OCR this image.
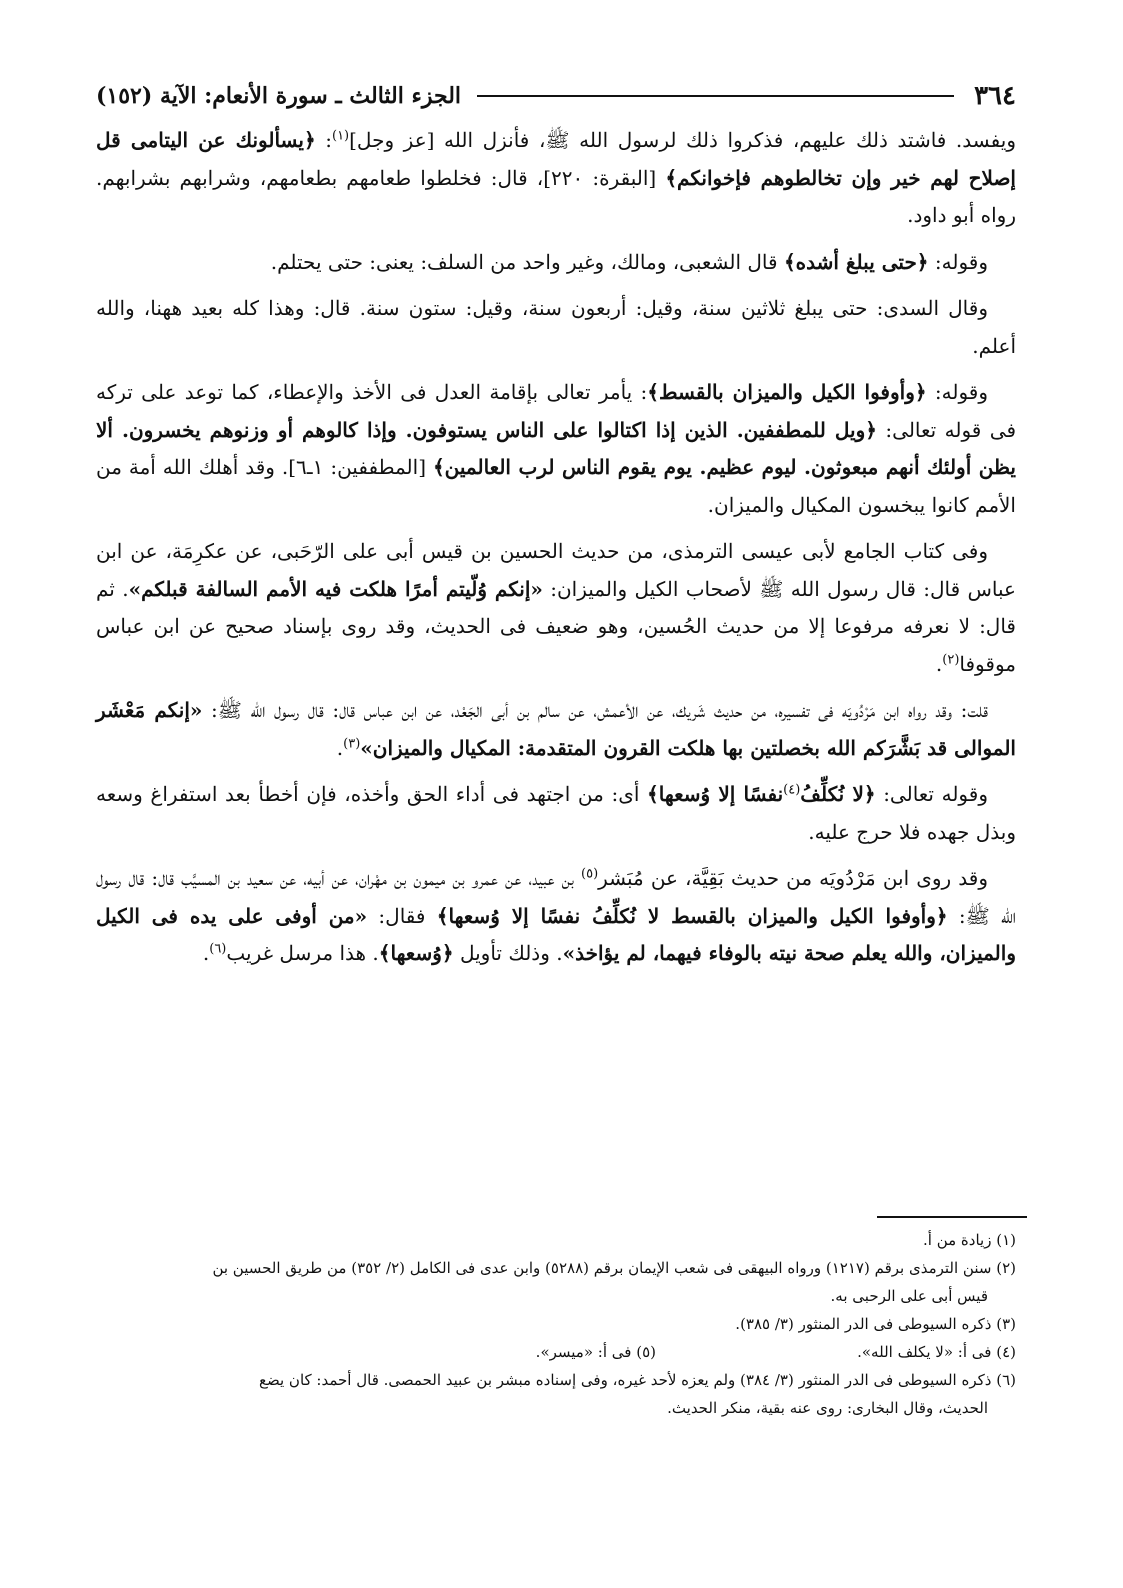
٣٦٤
الجزء الثالث ـ سورة الأنعام: الآية (١٥٢)

ويفسد. فاشتد ذلك عليهم، فذكروا ذلك لرسول الله ﷺ، فأنزل الله [عز وجل]$^{(١)}$: ﴿يسألونك عن اليتامى قل إصلاح لهم خير وإن تخالطوهم فإخوانكم﴾ [البقرة: ٢٢٠]، قال: فخلطوا طعامهم بطعامهم، وشرابهم بشرابهم. رواه أبو داود.

وقوله: ﴿حتى يبلغ أشده﴾ قال الشعبى، ومالك، وغير واحد من السلف: يعنى: حتى يحتلم.

وقال السدى: حتى يبلغ ثلاثين سنة، وقيل: أربعون سنة، وقيل: ستون سنة. قال: وهذا كله بعيد ههنا، والله أعلم.

وقوله: ﴿وأوفوا الكيل والميزان بالقسط﴾: يأمر تعالى بإقامة العدل فى الأخذ والإعطاء، كما توعد على تركه فى قوله تعالى: ﴿ويل للمطففين. الذين إذا اكتالوا على الناس يستوفون. وإذا كالوهم أو وزنوهم يخسرون. ألا يظن أولئك أنهم مبعوثون. ليوم عظيم. يوم يقوم الناس لرب العالمين﴾ [المطففين: ١ـ٦]. وقد أهلك الله أمة من الأمم كانوا يبخسون المكيال والميزان.

وفى كتاب الجامع لأبى عيسى الترمذى، من حديث الحسين بن قيس أبى على الرّحَبى، عن عكرِمَة، عن ابن عباس قال: قال رسول الله ﷺ لأصحاب الكيل والميزان: «إنكم وُلّيتم أمرًا هلكت فيه الأمم السالفة قبلكم». ثم قال: لا نعرفه مرفوعا إلا من حديث الحُسين، وهو ضعيف فى الحديث، وقد روى بإسناد صحيح عن ابن عباس موقوفا$^{(٢)}$.

قلت: وقد رواه ابن مَرْدُويَه فى تفسيره، من حديث شَريك، عن الأعمش، عن سالم بن أبى الجَعْد، عن ابن عباس قال: قال رسول الله ﷺ: «إنكم مَعْشَر الموالى قد بَشَّرَكم الله بخصلتين بها هلكت القرون المتقدمة: المكيال والميزان»$^{(٣)}$.

وقوله تعالى: ﴿لا نُكلِّفُ$^{(٤)}$نفسًا إلا وُسعها﴾ أى: من اجتهد فى أداء الحق وأخذه، فإن أخطأ بعد استفراغ وسعه وبذل جهده فلا حرج عليه.

وقد روى ابن مَرْدُويَه من حديث بَقِيَّة، عن مُبَشر$^{(٥)}$ بن عبيد، عن عمرو بن ميمون بن مهْران، عن أبيه، عن سعيد بن المسيَّب قال: قال رسول الله ﷺ: ﴿وأوفوا الكيل والميزان بالقسط لا نُكلِّفُ نفسًا إلا وُسعها﴾ فقال: «من أوفى على يده فى الكيل والميزان، والله يعلم صحة نيته بالوفاء فيهما، لم يؤاخذ». وذلك تأويل ﴿وُسعها﴾. هذا مرسل غريب$^{(٦)}$.

(١) زيادة من أ.

(٢) سنن الترمذى برقم (١٢١٧) ورواه البيهقى فى شعب الإيمان برقم (٥٢٨٨) وابن عدى فى الكامل (٢/ ٣٥٢) من طريق الحسين بن

قيس أبى على الرحبى به.

(٣) ذكره السيوطى فى الدر المنثور (٣/ ٣٨٥).

(٤) فى أ: «لا يكلف الله».
(٥) فى أ: «ميسر».

(٦) ذكره السيوطى فى الدر المنثور (٣/ ٣٨٤) ولم يعزه لأحد غيره، وفى إسناده مبشر بن عبيد الحمصى. قال أحمد: كان يضع

الحديث، وقال البخارى: روى عنه بقية، منكر الحديث.
